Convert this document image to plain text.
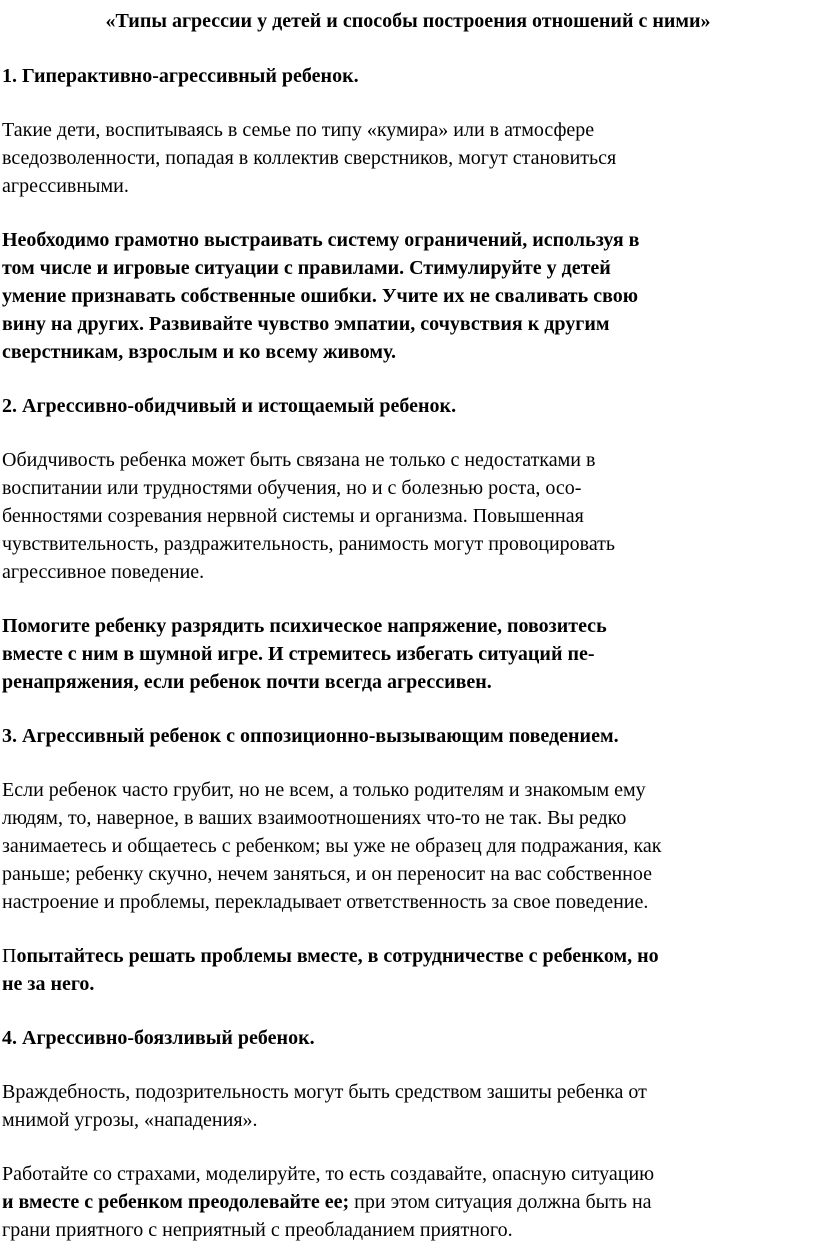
«Типы агрессии у детей и способы построения отношений с ними»
1. Гиперактивно-агрессивный ребенок.
Такие дети, воспитываясь в семье по типу «кумира» или в атмосфере
вседозволенности, попадая в коллектив сверстников, могут становиться
агрессивными.
Необходимо грамотно выстраивать систему ограничений, используя в
том числе и игровые ситуации с правилами. Стимулируйте у детей
умение признавать собственные ошибки. Учите их не сваливать свою
вину на других. Развивайте чувство эмпатии, сочувствия к другим
сверстникам, взрослым и ко всему живому.
2. Агрессивно-обидчивый и истощаемый ребенок.
Обидчивость ребенка может быть связана не только с недостатками в
воспитании или трудностями обучения, но и с болезнью роста, осо-
бенностями созревания нервной системы и организма. Повышенная
чувствительность, раздражительность, ранимость могут провоцировать
агрессивное поведение.
Помогите ребенку разрядить психическое напряжение, повозитесь
вместе с ним в шумной игре. И стремитесь избегать ситуаций пе-
ренапряжения, если ребенок почти всегда агрессивен.
3. Агрессивный ребенок с оппозиционно-вызывающим поведением.
Если ребенок часто грубит, но не всем, а только родителям и знакомым ему
людям, то, наверное, в ваших взаимоотношениях что-то не так. Вы редко
занимаетесь и общаетесь с ребенком; вы уже не образец для подражания, как
раньше; ребенку скучно, нечем заняться, и он переносит на вас собственное
настроение и проблемы, перекладывает ответственность за свое поведение.
Попытайтесь решать проблемы вместе, в сотрудничестве с ребенком, но
не за него.
4. Агрессивно-боязливый ребенок.
Враждебность, подозрительность могут быть средством зашиты ребенка от
мнимой угрозы, «нападения».
Работайте со страхами, моделируйте, то есть создавайте, опасную ситуацию
и вместе с ребенком преодолевайте ее; при этом ситуация должна быть на
грани приятного с неприятный с преобладанием приятного.
